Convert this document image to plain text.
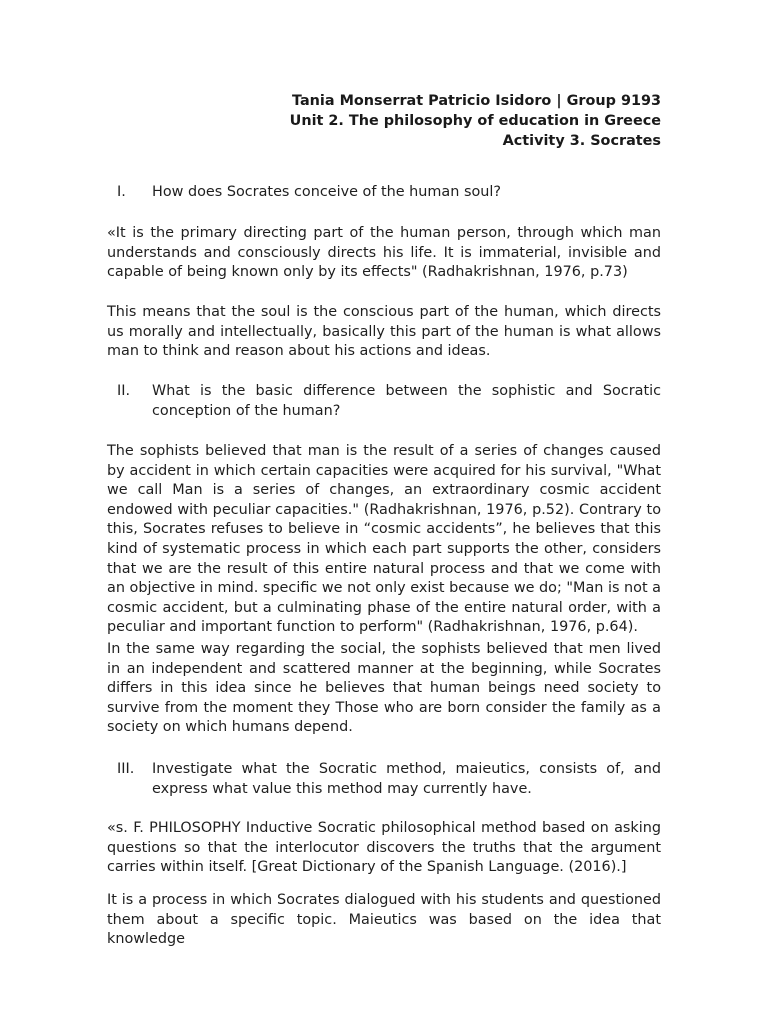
Tania Monserrat Patricio Isidoro | Group 9193
Unit 2. The philosophy of education in Greece
Activity 3. Socrates
I.	How does Socrates conceive of the human soul?

«It is the primary directing part of the human person, through which man understands and consciously directs his life. It is immaterial, invisible and capable of being known only by its effects" (Radhakrishnan, 1976, p.73)

This means that the soul is the conscious part of the human, which directs us morally and intellectually, basically this part of the human is what allows man to think and reason about his actions and ideas.

II.	What is the basic difference between the sophistic and Socratic conception of the human?

The sophists believed that man is the result of a series of changes caused by accident in which certain capacities were acquired for his survival, "What we call Man is a series of changes, an extraordinary cosmic accident endowed with peculiar capacities." (Radhakrishnan, 1976, p.52). Contrary to this, Socrates refuses to believe in “cosmic accidents”, he believes that this kind of systematic process in which each part supports the other, considers that we are the result of this entire natural process and that we come with an objective in mind. specific we not only exist because we do; "Man is not a cosmic accident, but a culminating phase of the entire natural order, with a peculiar and important function to perform" (Radhakrishnan, 1976, p.64).

In the same way regarding the social, the sophists believed that men lived in an independent and scattered manner at the beginning, while Socrates differs in this idea since he believes that human beings need society to survive from the moment they Those who are born consider the family as a society on which humans depend.

III.	Investigate what the Socratic method, maieutics, consists of, and express what value this method may currently have.

«s. F. PHILOSOPHY Inductive Socratic philosophical method based on asking questions so that the interlocutor discovers the truths that the argument carries within itself. [Great Dictionary of the Spanish Language. (2016).]

It is a process in which Socrates dialogued with his students and questioned them about a specific topic. Maieutics was based on the idea that knowledge
